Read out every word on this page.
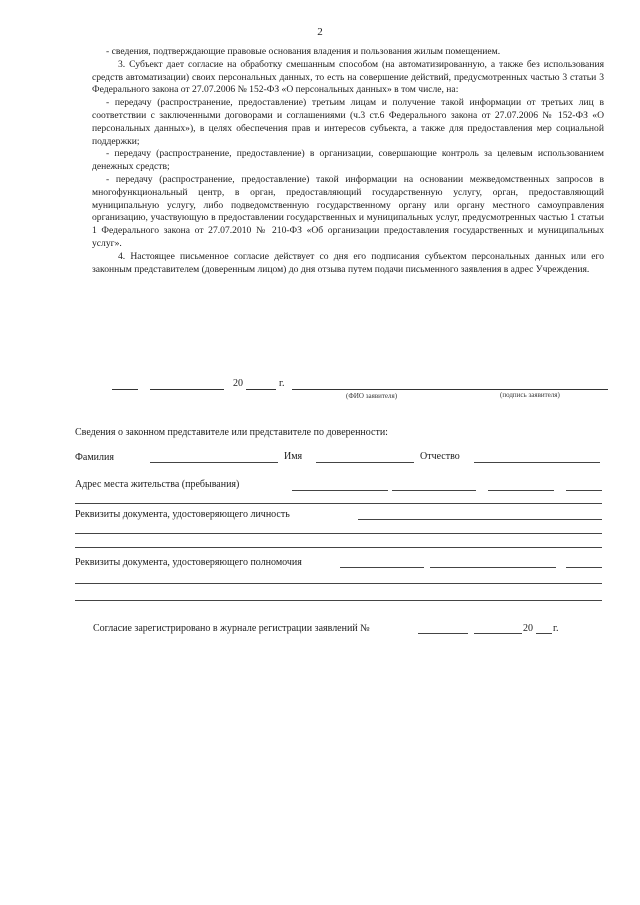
2

- сведения, подтверждающие правовые основания владения и пользования жилым помещением.

3. Субъект дает согласие на обработку смешанным способом (на автоматизированную, а также без использования средств автоматизации) своих персональных данных, то есть на совершение действий, предусмотренных частью 3 статьи 3 Федерального закона от 27.07.2006 № 152-ФЗ «О персональных данных» в том числе, на:

- передачу (распространение, предоставление) третьим лицам и получение такой информации от третьих лиц в соответствии с заключенными договорами и соглашениями (ч.3 ст.6 Федерального закона от 27.07.2006 № 152-ФЗ «О персональных данных»), в целях обеспечения прав и интересов субъекта, а также для предоставления мер социальной поддержки;

- передачу (распространение, предоставление) в организации, совершающие контроль за целевым использованием денежных средств;

- передачу (распространение, предоставление) такой информации на основании межведомственных запросов в многофункциональный центр, в орган, предоставляющий государственную услугу, орган, предоставляющий муниципальную услугу, либо подведомственную государственному органу или органу местного самоуправления организацию, участвующую в предоставлении государственных и муниципальных услуг, предусмотренных частью 1 статьи 1 Федерального закона от 27.07.2010 № 210-ФЗ «Об организации предоставления государственных и муниципальных услуг».

4. Настоящее письменное согласие действует со дня его подписания субъектом персональных данных или его законным представителем (доверенным лицом) до дня отзыва путем подачи письменного заявления в адрес Учреждения.

20	г.
(ФИО заявителя)	(подпись заявителя)
Сведения о законном представителе или представителе по доверенности:
Фамилия	Имя	Отчество
Адрес места жительства (пребывания)
Реквизиты документа, удостоверяющего личность
Реквизиты документа, удостоверяющего полномочия
Согласие зарегистрировано в журнале регистрации заявлений №	20 г.
